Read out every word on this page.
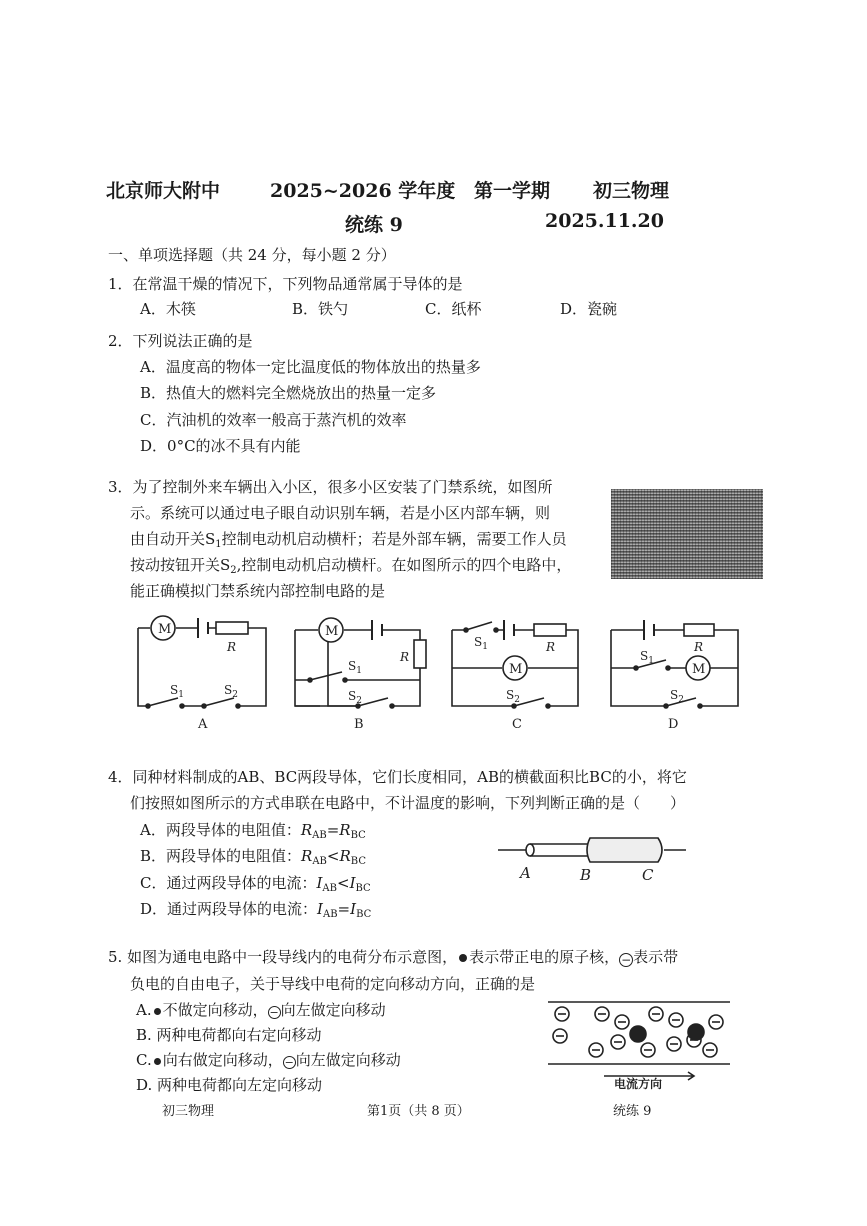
北京师大附中	2025~2026 学年度 第一学期 初三物理
统练 9	2025.11.20
一、单项选择题（共 24 分，每小题 2 分）
1．在常温干燥的情况下，下列物品通常属于导体的是
A．木筷	B．铁勺	C．纸杯	D．瓷碗
2．下列说法正确的是
A．温度高的物体一定比温度低的物体放出的热量多
B．热值大的燃料完全燃烧放出的热量一定多
C．汽油机的效率一般高于蒸汽机的效率
D．0°C的冰不具有内能
3．为了控制外来车辆出入小区，很多小区安装了门禁系统，如图所
示。系统可以通过电子眼自动识别车辆，若是小区内部车辆，则
由自动开关$S_1$控制电动机启动横杆；若是外部车辆，需要工作人员
按动按钮开关$S_2$,控制电动机启动横杆。在如图所示的四个电路中，
能正确模拟门禁系统内部控制电路的是
M
R
$S_1$	$S_2$
A
M
R
$S_1$
$S_2$
B
M
R
$S_1$
$S_2$
C
M
R
$S_1$
$S_2$
D
4．同种材料制成的AB、BC两段导体，它们长度相同，AB的横截面积比BC的小，将它
们按照如图所示的方式串联在电路中，不计温度的影响，下列判断正确的是（　　）
A．两段导体的电阻值：$R_{AB}=R_{BC}$
B．两段导体的电阻值：$R_{AB}<R_{BC}$
C．通过两段导体的电流：$I_{AB}<I_{BC}$
D．通过两段导体的电流：$I_{AB}=I_{BC}$
A	B	C
5. 如图为通电电路中一段导线内的电荷分布示意图， 表示带正电的原子核， − 表示带
负电的自由电子，关于导线中电荷的定向移动方向，正确的是
A. 不做定向移动， − 向左做定向移动
B. 两种电荷都向右定向移动
C. 向右做定向移动， − 向左做定向移动
D. 两种电荷都向左定向移动	电流方向
初三物理	第1页（共 8 页）	统练 9
